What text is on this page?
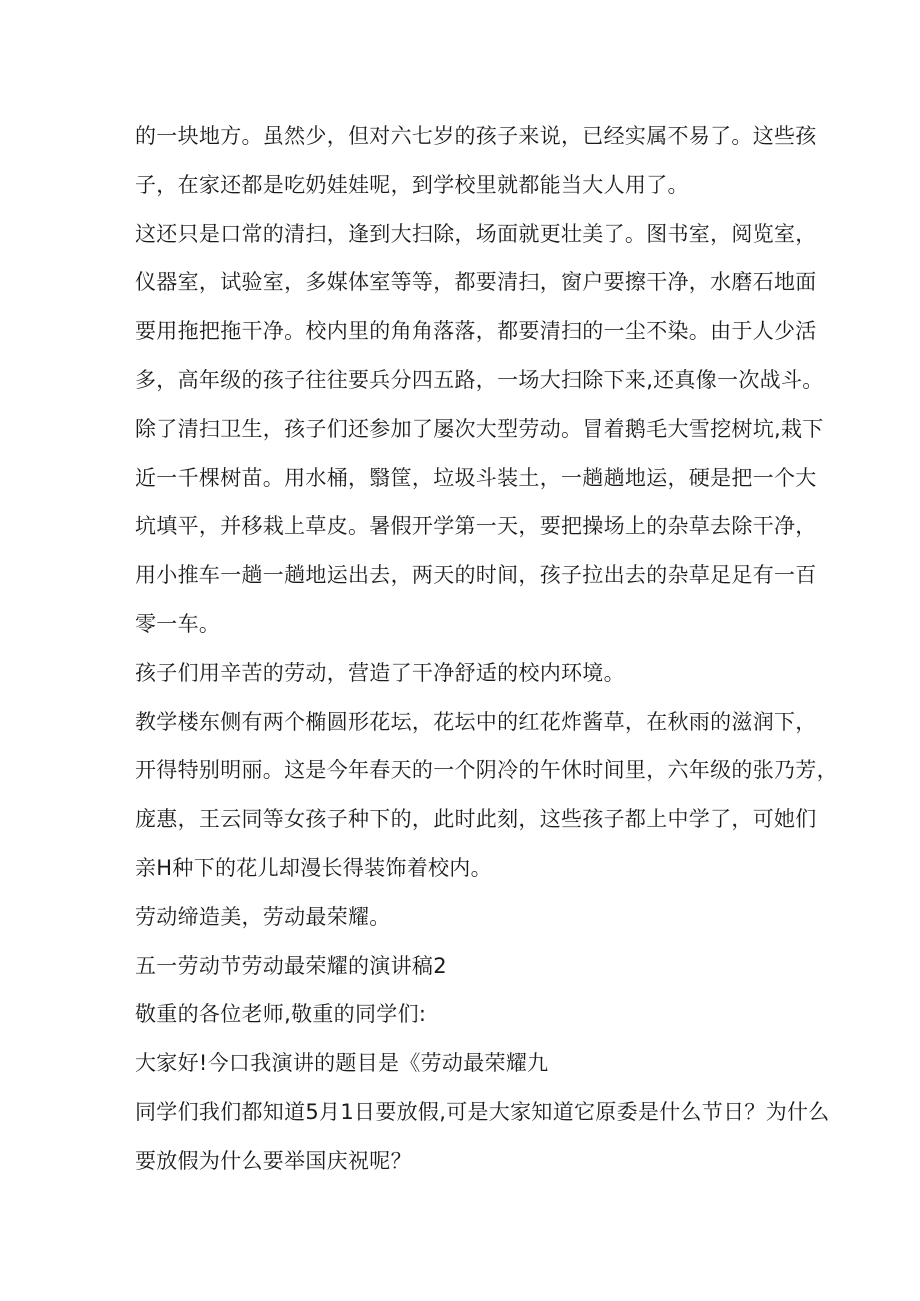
的一块地方。虽然少，但对六七岁的孩子来说，已经实属不易了。这些孩
子，在家还都是吃奶娃娃呢，到学校里就都能当大人用了。

这还只是口常的清扫，逢到大扫除，场面就更壮美了。图书室，阅览室，
仪器室，试验室，多媒体室等等，都要清扫，窗户要擦干净，水磨石地面
要用拖把拖干净。校内里的角角落落，都要清扫的一尘不染。由于人少活
多，高年级的孩子往往要兵分四五路，一场大扫除下来,还真像一次战斗。

除了清扫卫生，孩子们还参加了屡次大型劳动。冒着鹅毛大雪挖树坑,栽下
近一千棵树苗。用水桶，翳筐，垃圾斗装土，一趟趟地运，硬是把一个大
坑填平，并移栽上草皮。暑假开学第一天，要把操场上的杂草去除干净，
用小推车一趟一趟地运出去，两天的时间，孩子拉出去的杂草足足有一百
零一车。

孩子们用辛苦的劳动，营造了干净舒适的校内环境。

教学楼东侧有两个椭圆形花坛，花坛中的红花炸酱草，在秋雨的滋润下，
开得特别明丽。这是今年春天的一个阴冷的午休时间里，六年级的张乃芳，
庞惠，王云同等女孩子种下的，此时此刻，这些孩子都上中学了，可她们
亲H种下的花儿却漫长得装饰着校内。

劳动缔造美，劳动最荣耀。

五一劳动节劳动最荣耀的演讲稿2

敬重的各位老师,敬重的同学们:

大家好!今口我演讲的题目是《劳动最荣耀九

同学们我们都知道5月1日要放假,可是大家知道它原委是什么节日？为什么
要放假为什么要举国庆祝呢？
